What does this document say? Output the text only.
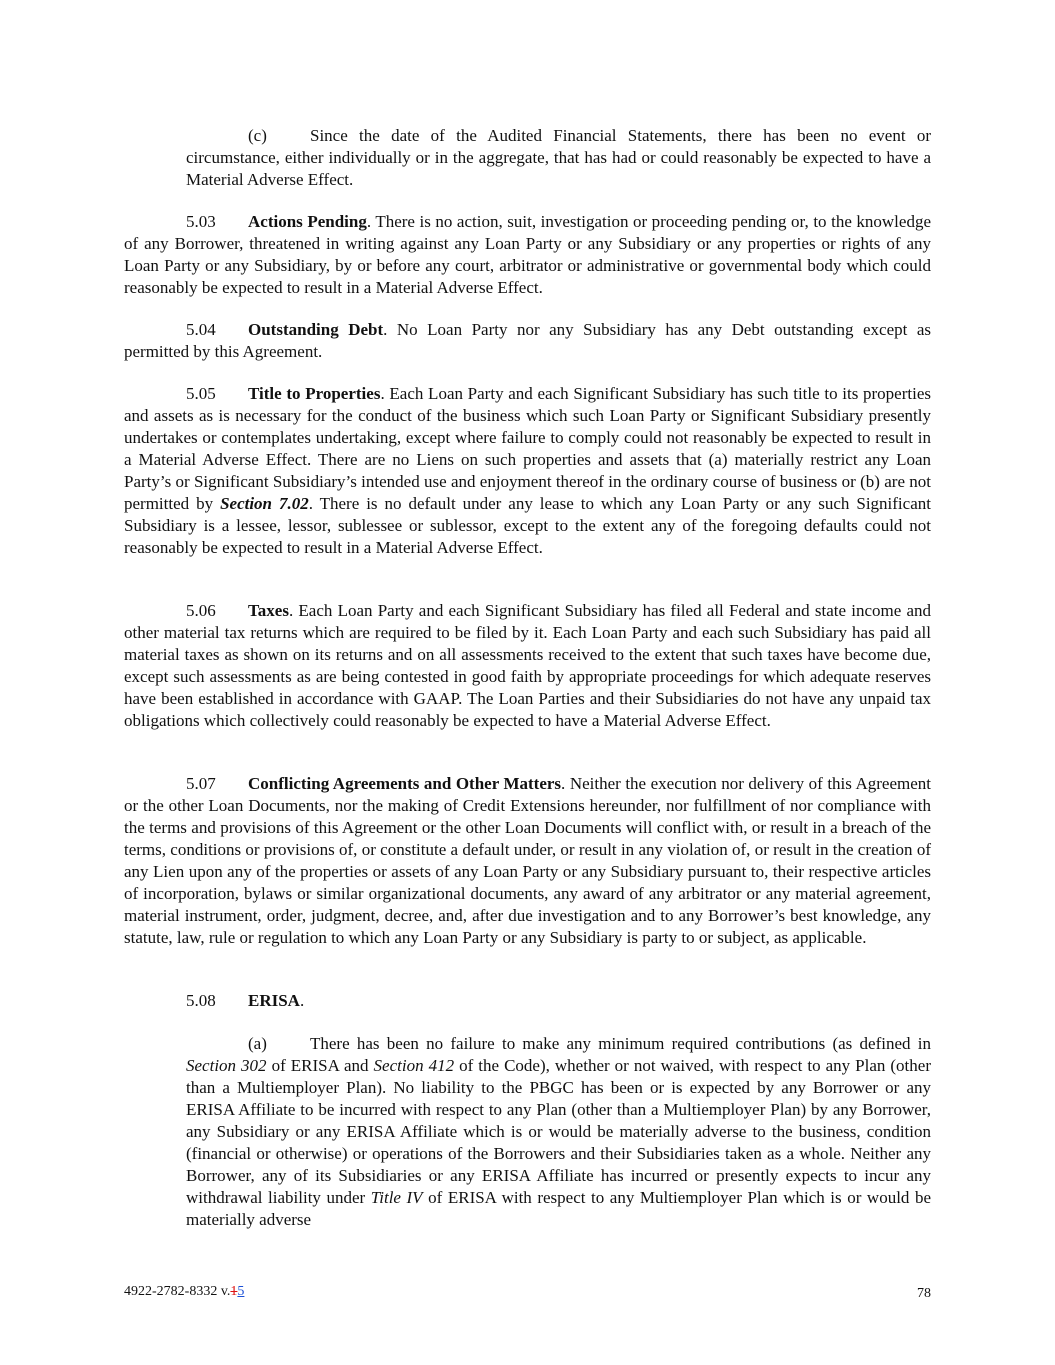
(c)	Since the date of the Audited Financial Statements, there has been no event or circumstance, either individually or in the aggregate, that has had or could reasonably be expected to have a Material Adverse Effect.

5.03 Actions Pending. There is no action, suit, investigation or proceeding pending or, to the knowledge of any Borrower, threatened in writing against any Loan Party or any Subsidiary or any properties or rights of any Loan Party or any Subsidiary, by or before any court, arbitrator or administrative or governmental body which could reasonably be expected to result in a Material Adverse Effect.

5.04 Outstanding Debt. No Loan Party nor any Subsidiary has any Debt outstanding except as permitted by this Agreement.

5.05 Title to Properties. Each Loan Party and each Significant Subsidiary has such title to its properties and assets as is necessary for the conduct of the business which such Loan Party or Significant Subsidiary presently undertakes or contemplates undertaking, except where failure to comply could not reasonably be expected to result in a Material Adverse Effect. There are no Liens on such properties and assets that (a) materially restrict any Loan Party’s or Significant Subsidiary’s intended use and enjoyment thereof in the ordinary course of business or (b) are not permitted by Section 7.02. There is no default under any lease to which any Loan Party or any such Significant Subsidiary is a lessee, lessor, sublessee or sublessor, except to the extent any of the foregoing defaults could not reasonably be expected to result in a Material Adverse Effect.

5.06 Taxes. Each Loan Party and each Significant Subsidiary has filed all Federal and state income and other material tax returns which are required to be filed by it. Each Loan Party and each such Subsidiary has paid all material taxes as shown on its returns and on all assessments received to the extent that such taxes have become due, except such assessments as are being contested in good faith by appropriate proceedings for which adequate reserves have been established in accordance with GAAP. The Loan Parties and their Subsidiaries do not have any unpaid tax obligations which collectively could reasonably be expected to have a Material Adverse Effect.

5.07 Conflicting Agreements and Other Matters. Neither the execution nor delivery of this Agreement or the other Loan Documents, nor the making of Credit Extensions hereunder, nor fulfillment of nor compliance with the terms and provisions of this Agreement or the other Loan Documents will conflict with, or result in a breach of the terms, conditions or provisions of, or constitute a default under, or result in any violation of, or result in the creation of any Lien upon any of the properties or assets of any Loan Party or any Subsidiary pursuant to, their respective articles of incorporation, bylaws or similar organizational documents, any award of any arbitrator or any material agreement, material instrument, order, judgment, decree, and, after due investigation and to any Borrower’s best knowledge, any statute, law, rule or regulation to which any Loan Party or any Subsidiary is party to or subject, as applicable.

5.08 ERISA.

(a)	There has been no failure to make any minimum required contributions (as defined in Section 302 of ERISA and Section 412 of the Code), whether or not waived, with respect to any Plan (other than a Multiemployer Plan). No liability to the PBGC has been or is expected by any Borrower or any ERISA Affiliate to be incurred with respect to any Plan (other than a Multiemployer Plan) by any Borrower, any Subsidiary or any ERISA Affiliate which is or would be materially adverse to the business, condition (financial or otherwise) or operations of the Borrowers and their Subsidiaries taken as a whole. Neither any Borrower, any of its Subsidiaries or any ERISA Affiliate has incurred or presently expects to incur any withdrawal liability under Title IV of ERISA with respect to any Multiemployer Plan which is or would be materially adverse

4922-2782-8332 v.15	78
